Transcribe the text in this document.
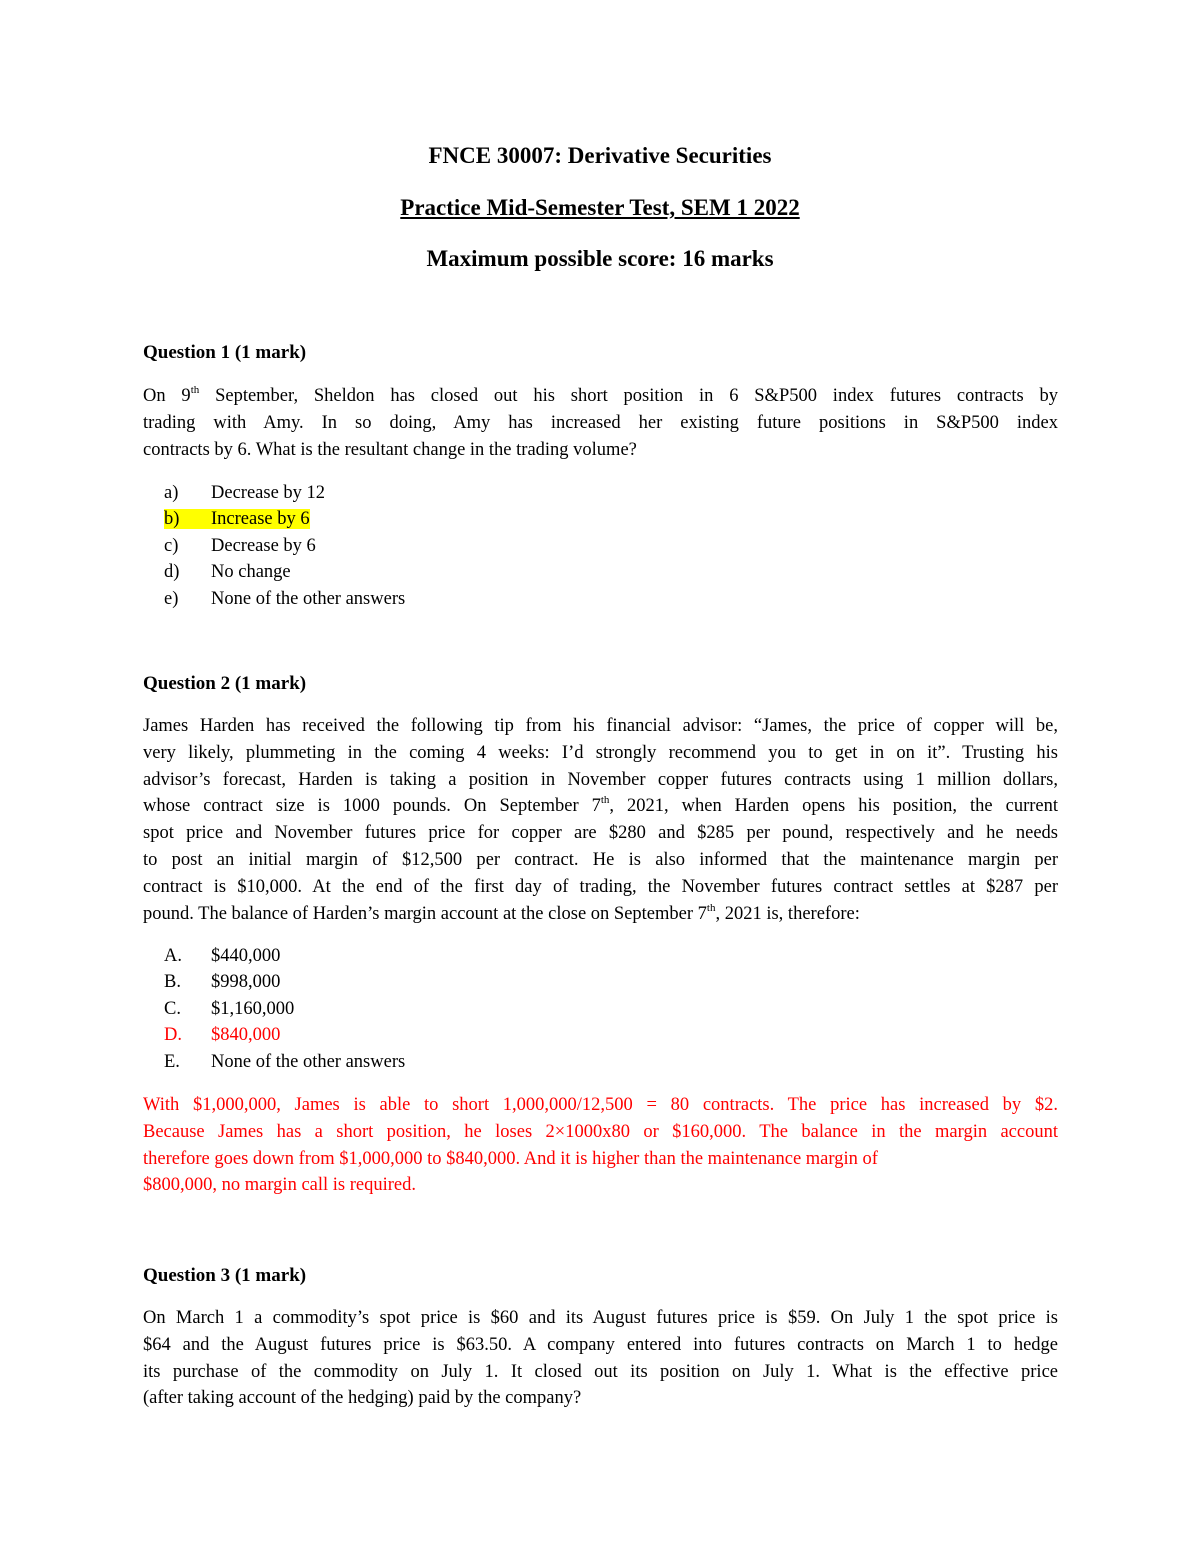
FNCE 30007: Derivative Securities
Practice Mid-Semester Test, SEM 1 2022
Maximum possible score: 16 marks
Question 1 (1 mark)
On 9th September, Sheldon has closed out his short position in 6 S&P500 index futures contracts by
trading with Amy. In so doing, Amy has increased her existing future positions in S&P500 index
contracts by 6. What is the resultant change in the trading volume?
a) Decrease by 12
b) Increase by 6
c) Decrease by 6
d) No change
e) None of the other answers
Question 2 (1 mark)
James Harden has received the following tip from his financial advisor: “James, the price of copper will be,
very likely, plummeting in the coming 4 weeks: I’d strongly recommend you to get in on it”. Trusting his
advisor’s forecast, Harden is taking a position in November copper futures contracts using 1 million dollars,
whose contract size is 1000 pounds. On September 7th, 2021, when Harden opens his position, the current
spot price and November futures price for copper are $280 and $285 per pound, respectively and he needs
to post an initial margin of $12,500 per contract. He is also informed that the maintenance margin per
contract is $10,000. At the end of the first day of trading, the November futures contract settles at $287 per
pound. The balance of Harden’s margin account at the close on September 7th, 2021 is, therefore:
A. $440,000
B. $998,000
C. $1,160,000
D. $840,000
E. None of the other answers
With $1,000,000, James is able to short 1,000,000/12,500 = 80 contracts. The price has increased by $2.
Because James has a short position, he loses 2×1000x80 or $160,000. The balance in the margin account
therefore goes down from $1,000,000 to $840,000. And it is higher than the maintenance margin of
$800,000, no margin call is required.
Question 3 (1 mark)
On March 1 a commodity’s spot price is $60 and its August futures price is $59. On July 1 the spot price is
$64 and the August futures price is $63.50. A company entered into futures contracts on March 1 to hedge
its purchase of the commodity on July 1. It closed out its position on July 1. What is the effective price
(after taking account of the hedging) paid by the company?
